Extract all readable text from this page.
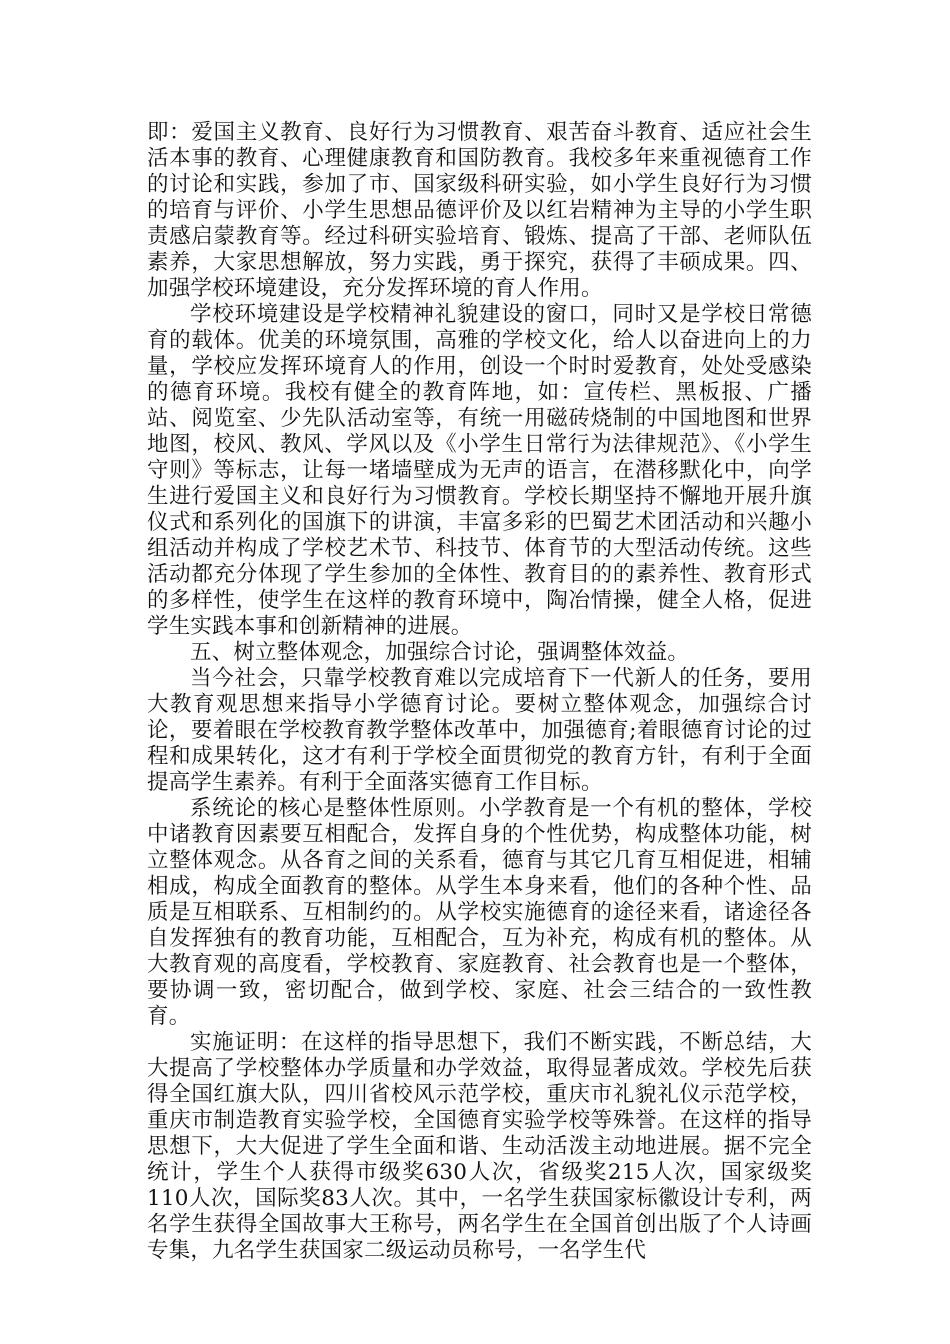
即：爱国主义教育、良好行为习惯教育、艰苦奋斗教育、适应社会生活本事的教育、心理健康教育和国防教育。我校多年来重视德育工作的讨论和实践，参加了市、国家级科研实验，如小学生良好行为习惯的培育与评价、小学生思想品德评价及以红岩精神为主导的小学生职责感启蒙教育等。经过科研实验培育、锻炼、提高了干部、老师队伍素养，大家思想解放，努力实践，勇于探究，获得了丰硕成果。四、加强学校环境建设，充分发挥环境的育人作用。

学校环境建设是学校精神礼貌建设的窗口，同时又是学校日常德育的载体。优美的环境氛围，高雅的学校文化，给人以奋进向上的力量，学校应发挥环境育人的作用，创设一个时时爱教育，处处受感染的德育环境。我校有健全的教育阵地，如：宣传栏、黑板报、广播站、阅览室、少先队活动室等，有统一用磁砖烧制的中国地图和世界地图，校风、教风、学风以及《小学生日常行为法律规范》、《小学生守则》等标志，让每一堵墙壁成为无声的语言，在潜移默化中，向学生进行爱国主义和良好行为习惯教育。学校长期坚持不懈地开展升旗仪式和系列化的国旗下的讲演，丰富多彩的巴蜀艺术团活动和兴趣小组活动并构成了学校艺术节、科技节、体育节的大型活动传统。这些活动都充分体现了学生参加的全体性、教育目的的素养性、教育形式的多样性，使学生在这样的教育环境中，陶冶情操，健全人格，促进学生实践本事和创新精神的进展。

五、树立整体观念，加强综合讨论，强调整体效益。

当今社会，只靠学校教育难以完成培育下一代新人的任务，要用大教育观思想来指导小学德育讨论。要树立整体观念，加强综合讨论，要着眼在学校教育教学整体改革中，加强德育;着眼德育讨论的过程和成果转化，这才有利于学校全面贯彻党的教育方针，有利于全面提高学生素养。有利于全面落实德育工作目标。

系统论的核心是整体性原则。小学教育是一个有机的整体，学校中诸教育因素要互相配合，发挥自身的个性优势，构成整体功能，树立整体观念。从各育之间的关系看，德育与其它几育互相促进，相辅相成，构成全面教育的整体。从学生本身来看，他们的各种个性、品质是互相联系、互相制约的。从学校实施德育的途径来看，诸途径各自发挥独有的教育功能，互相配合，互为补充，构成有机的整体。从大教育观的高度看，学校教育、家庭教育、社会教育也是一个整体，要协调一致，密切配合，做到学校、家庭、社会三结合的一致性教育。

实施证明：在这样的指导思想下，我们不断实践，不断总结，大大提高了学校整体办学质量和办学效益，取得显著成效。学校先后获得全国红旗大队，四川省校风示范学校，重庆市礼貌礼仪示范学校，重庆市制造教育实验学校，全国德育实验学校等殊誉。在这样的指导思想下，大大促进了学生全面和谐、生动活泼主动地进展。据不完全统计，学生个人获得市级奖630人次，省级奖215人次，国家级奖110人次，国际奖83人次。其中，一名学生获国家标徽设计专利，两名学生获得全国故事大王称号，两名学生在全国首创出版了个人诗画专集，九名学生获国家二级运动员称号，一名学生代
